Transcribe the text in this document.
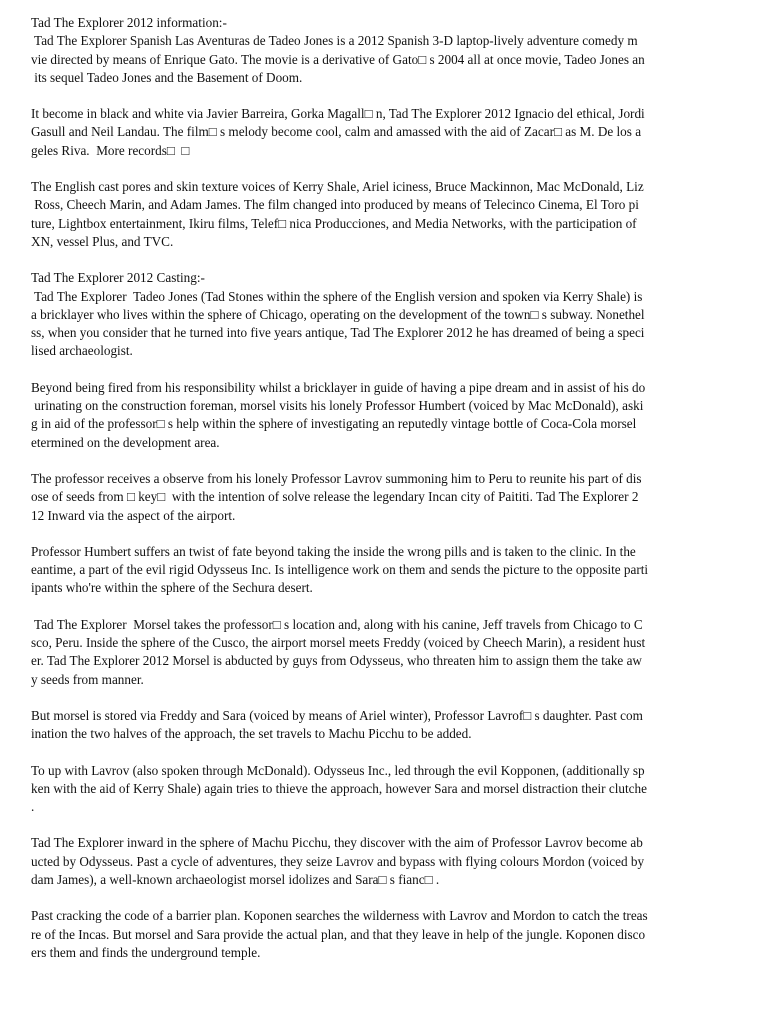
Tad The Explorer 2012 information:-
Tad The Explorer Spanish Las Aventuras de Tadeo Jones is a 2012 Spanish 3-D laptop-lively adventure comedy m
vie directed by means of Enrique Gato. The movie is a derivative of Gato□ s 2004 all at once movie, Tadeo Jones an
its sequel Tadeo Jones and the Basement of Doom.
It become in black and white via Javier Barreira, Gorka Magall□ n, Tad The Explorer 2012 Ignacio del ethical, Jordi
Gasull and Neil Landau. The film□ s melody become cool, calm and amassed with the aid of Zacar□ as M. De los a
geles Riva.  More records□  □
The English cast pores and skin texture voices of Kerry Shale, Ariel iciness, Bruce Mackinnon, Mac McDonald, Liz
Ross, Cheech Marin, and Adam James. The film changed into produced by means of Telecinco Cinema, El Toro pi
ture, Lightbox entertainment, Ikiru films, Telef□ nica Producciones, and Media Networks, with the participation of
XN, vessel Plus, and TVC.
Tad The Explorer 2012 Casting:-
Tad The Explorer  Tadeo Jones (Tad Stones within the sphere of the English version and spoken via Kerry Shale) is
a bricklayer who lives within the sphere of Chicago, operating on the development of the town□ s subway. Nonethel
ss, when you consider that he turned into five years antique, Tad The Explorer 2012 he has dreamed of being a speci
lised archaeologist.
Beyond being fired from his responsibility whilst a bricklayer in guide of having a pipe dream and in assist of his do
urinating on the construction foreman, morsel visits his lonely Professor Humbert (voiced by Mac McDonald), aski
g in aid of the professor□ s help within the sphere of investigating an reputedly vintage bottle of Coca-Cola morsel
etermined on the development area.
The professor receives a observe from his lonely Professor Lavrov summoning him to Peru to reunite his part of dis
ose of seeds from □ key□  with the intention of solve release the legendary Incan city of Paititi. Tad The Explorer 2
12 Inward via the aspect of the airport.
Professor Humbert suffers an twist of fate beyond taking the inside the wrong pills and is taken to the clinic. In the
eantime, a part of the evil rigid Odysseus Inc. Is intelligence work on them and sends the picture to the opposite parti
ipants who're within the sphere of the Sechura desert.
Tad The Explorer  Morsel takes the professor□ s location and, along with his canine, Jeff travels from Chicago to C
sco, Peru. Inside the sphere of the Cusco, the airport morsel meets Freddy (voiced by Cheech Marin), a resident hust
er. Tad The Explorer 2012 Morsel is abducted by guys from Odysseus, who threaten him to assign them the take aw
y seeds from manner.
But morsel is stored via Freddy and Sara (voiced by means of Ariel winter), Professor Lavrof□ s daughter. Past com
ination the two halves of the approach, the set travels to Machu Picchu to be added.
To up with Lavrov (also spoken through McDonald). Odysseus Inc., led through the evil Kopponen, (additionally sp
ken with the aid of Kerry Shale) again tries to thieve the approach, however Sara and morsel distraction their clutche
.
Tad The Explorer inward in the sphere of Machu Picchu, they discover with the aim of Professor Lavrov become ab
ucted by Odysseus. Past a cycle of adventures, they seize Lavrov and bypass with flying colours Mordon (voiced by
dam James), a well-known archaeologist morsel idolizes and Sara□ s fianc□ .
Past cracking the code of a barrier plan. Koponen searches the wilderness with Lavrov and Mordon to catch the treas
re of the Incas. But morsel and Sara provide the actual plan, and that they leave in help of the jungle. Koponen disco
ers them and finds the underground temple.
